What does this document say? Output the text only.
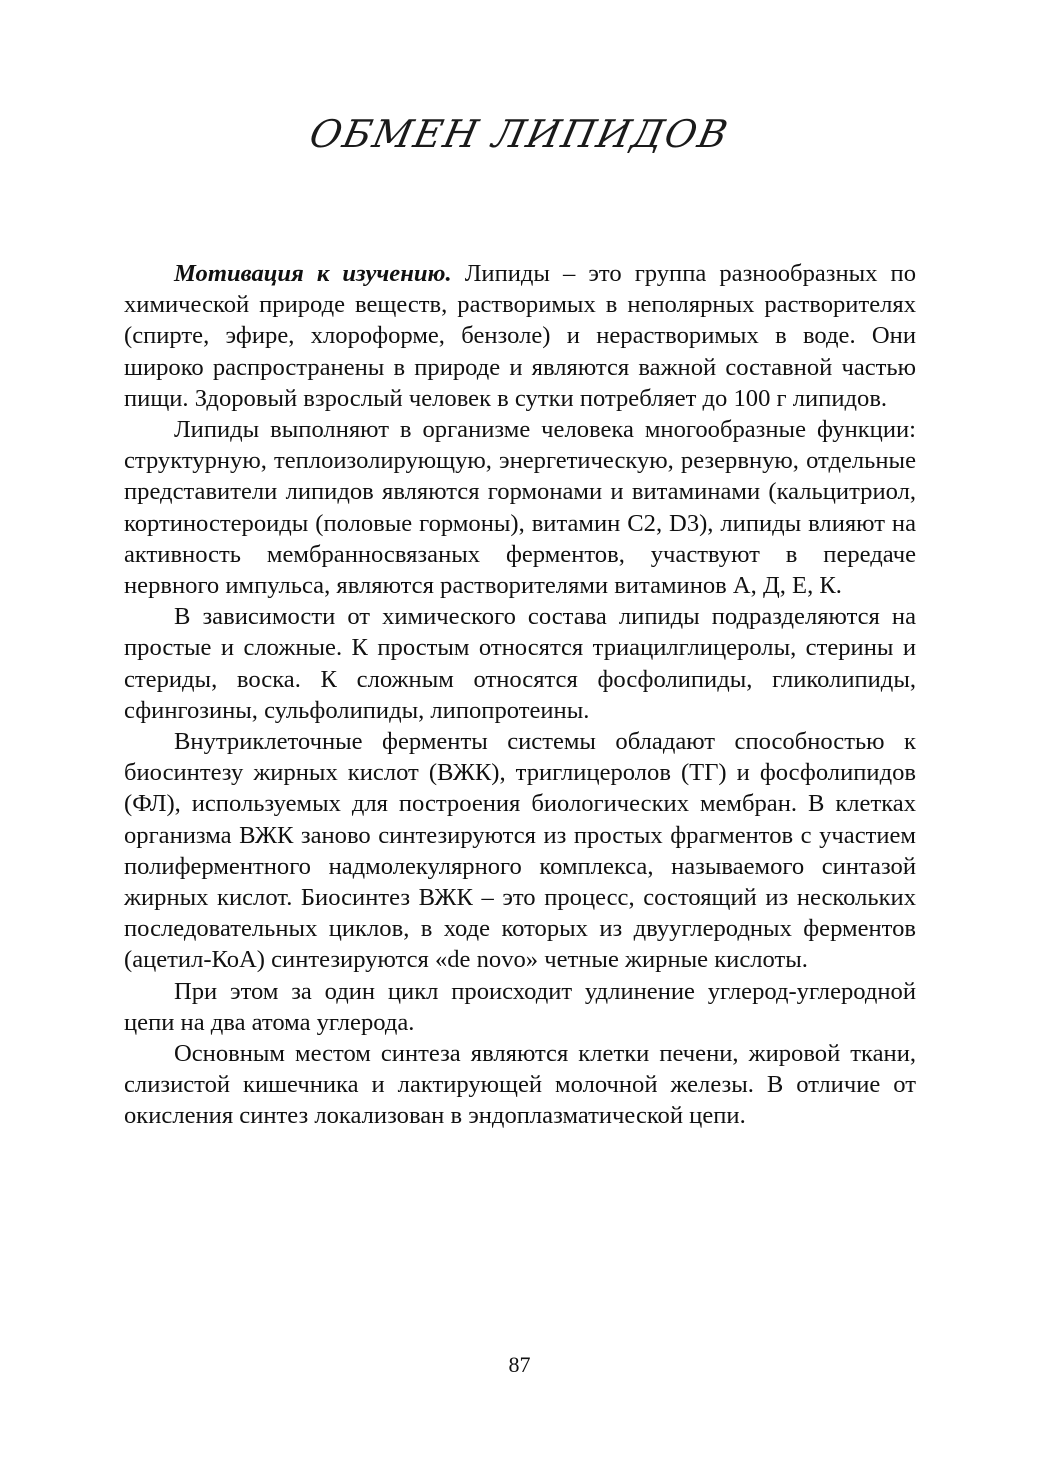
ОБМЕН ЛИПИДОВ

Мотивация к изучению. Липиды – это группа разнообразных по химической природе веществ, растворимых в неполярных растворителях (спирте, эфире, хлороформе, бензоле) и нерастворимых в воде. Они широко распространены в природе и являются важной составной частью пищи. Здоровый взрослый человек в сутки потребляет до 100 г липидов.

Липиды выполняют в организме человека многообразные функции: структурную, теплоизолирующую, энергетическую, резервную, отдельные представители липидов являются гормонами и витаминами (кальцитриол, кортиностероиды (половые гормоны), витамин С2, D3), липиды влияют на активность мембранносвязаных ферментов, участвуют в передаче нервного импульса, являются растворителями витаминов А, Д, Е, К.

В зависимости от химического состава липиды подразделяются на простые и сложные. К простым относятся триацилглицеролы, стерины и стериды, воска. К сложным относятся фосфолипиды, гликолипиды, сфингозины, сульфолипиды, липопротеины.

Внутриклеточные ферменты системы обладают способностью к биосинтезу жирных кислот (ВЖК), триглицеролов (ТГ) и фосфолипидов (ФЛ), используемых для построения биологических мембран. В клетках организма ВЖК заново синтезируются из простых фрагментов с участием полиферментного надмолекулярного комплекса, называемого синтазой жирных кислот. Биосинтез ВЖК – это процесс, состоящий из нескольких последовательных циклов, в ходе которых из двууглеродных ферментов (ацетил-КоА) синтезируются «de novo» четные жирные кислоты.

При этом за один цикл происходит удлинение углерод-углеродной цепи на два атома углерода.

Основным местом синтеза являются клетки печени, жировой ткани, слизистой кишечника и лактирующей молочной железы. В отличие от окисления синтез локализован в эндоплазматической цепи.

87
